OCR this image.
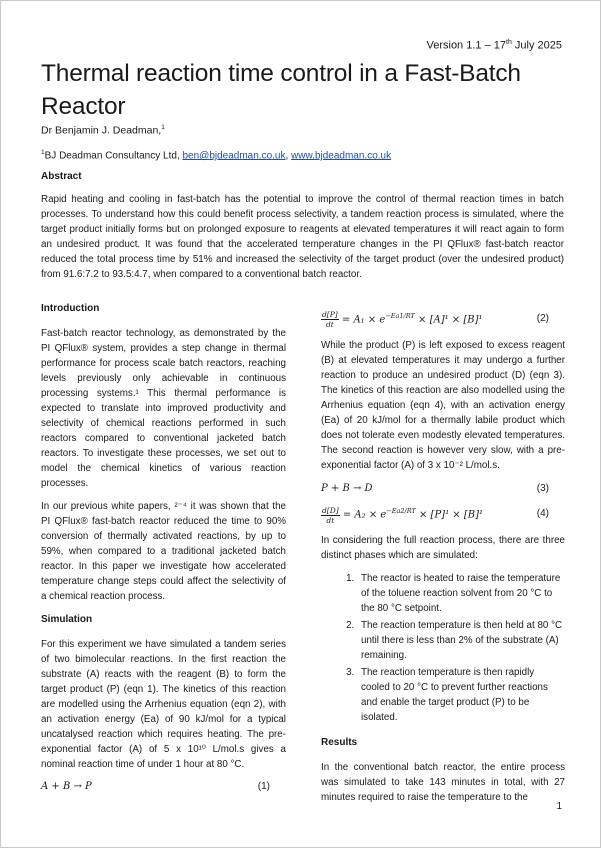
Version 1.1 – 17th July 2025
Thermal reaction time control in a Fast-Batch Reactor
Dr Benjamin J. Deadman,$^1$
$^1$BJ Deadman Consultancy Ltd, ben@bjdeadman.co.uk, www.bjdeadman.co.uk
Abstract

Rapid heating and cooling in fast-batch has the potential to improve the control of thermal reaction times in batch processes. To understand how this could benefit process selectivity, a tandem reaction process is simulated, where the target product initially forms but on prolonged exposure to reagents at elevated temperatures it will react again to form an undesired product. It was found that the accelerated temperature changes in the PI QFlux® fast-batch reactor reduced the total process time by 51% and increased the selectivity of the target product (over the undesired product) from 91.6:7.2 to 93.5:4.7, when compared to a conventional batch reactor.

Introduction

Fast-batch reactor technology, as demonstrated by the PI QFlux® system, provides a step change in thermal performance for process scale batch reactors, reaching levels previously only achievable in continuous processing systems.¹ This thermal performance is expected to translate into improved productivity and selectivity of chemical reactions performed in such reactors compared to conventional jacketed batch reactors. To investigate these processes, we set out to model the chemical kinetics of various reaction processes.

In our previous white papers, ²⁻⁴ it was shown that the PI QFlux® fast-batch reactor reduced the time to 90% conversion of thermally activated reactions, by up to 59%, when compared to a traditional jacketed batch reactor. In this paper we investigate how accelerated temperature change steps could affect the selectivity of a chemical reaction process.

Simulation

For this experiment we have simulated a tandem series of two bimolecular reactions. In the first reaction the substrate (A) reacts with the reagent (B) to form the target product (P) (eqn 1). The kinetics of this reaction are modelled using the Arrhenius equation (eqn 2), with an activation energy (Ea) of 90 kJ/mol for a typical uncatalysed reaction which requires heating. The pre-exponential factor (A) of 5 x 10¹⁰ L/mol.s gives a nominal reaction time of under 1 hour at 80 °C.

A + B → P	(1)
$\frac{d[P]}{dt} = A_1 \times e^{-Ea1/RT} \times [A]^1 \times [B]^1$	(2)

While the product (P) is left exposed to excess reagent (B) at elevated temperatures it may undergo a further reaction to produce an undesired product (D) (eqn 3). The kinetics of this reaction are also modelled using the Arrhenius equation (eqn 4), with an activation energy (Ea) of 20 kJ/mol for a thermally labile product which does not tolerate even modestly elevated temperatures. The second reaction is however very slow, with a pre-exponential factor (A) of 3 x 10⁻² L/mol.s.

P + B → D	(3)
$\frac{d[D]}{dt} = A_2 \times e^{-Ea2/RT} \times [P]^1 \times [B]^1$	(4)

In considering the full reaction process, there are three distinct phases which are simulated:

1. The reactor is heated to raise the temperature of the toluene reaction solvent from 20 °C to the 80 °C setpoint.
2. The reaction temperature is then held at 80 °C until there is less than 2% of the substrate (A) remaining.
3. The reaction temperature is then rapidly cooled to 20 °C to prevent further reactions and enable the target product (P) to be isolated.
Results

In the conventional batch reactor, the entire process was simulated to take 143 minutes in total, with 27 minutes required to raise the temperature to the

1
